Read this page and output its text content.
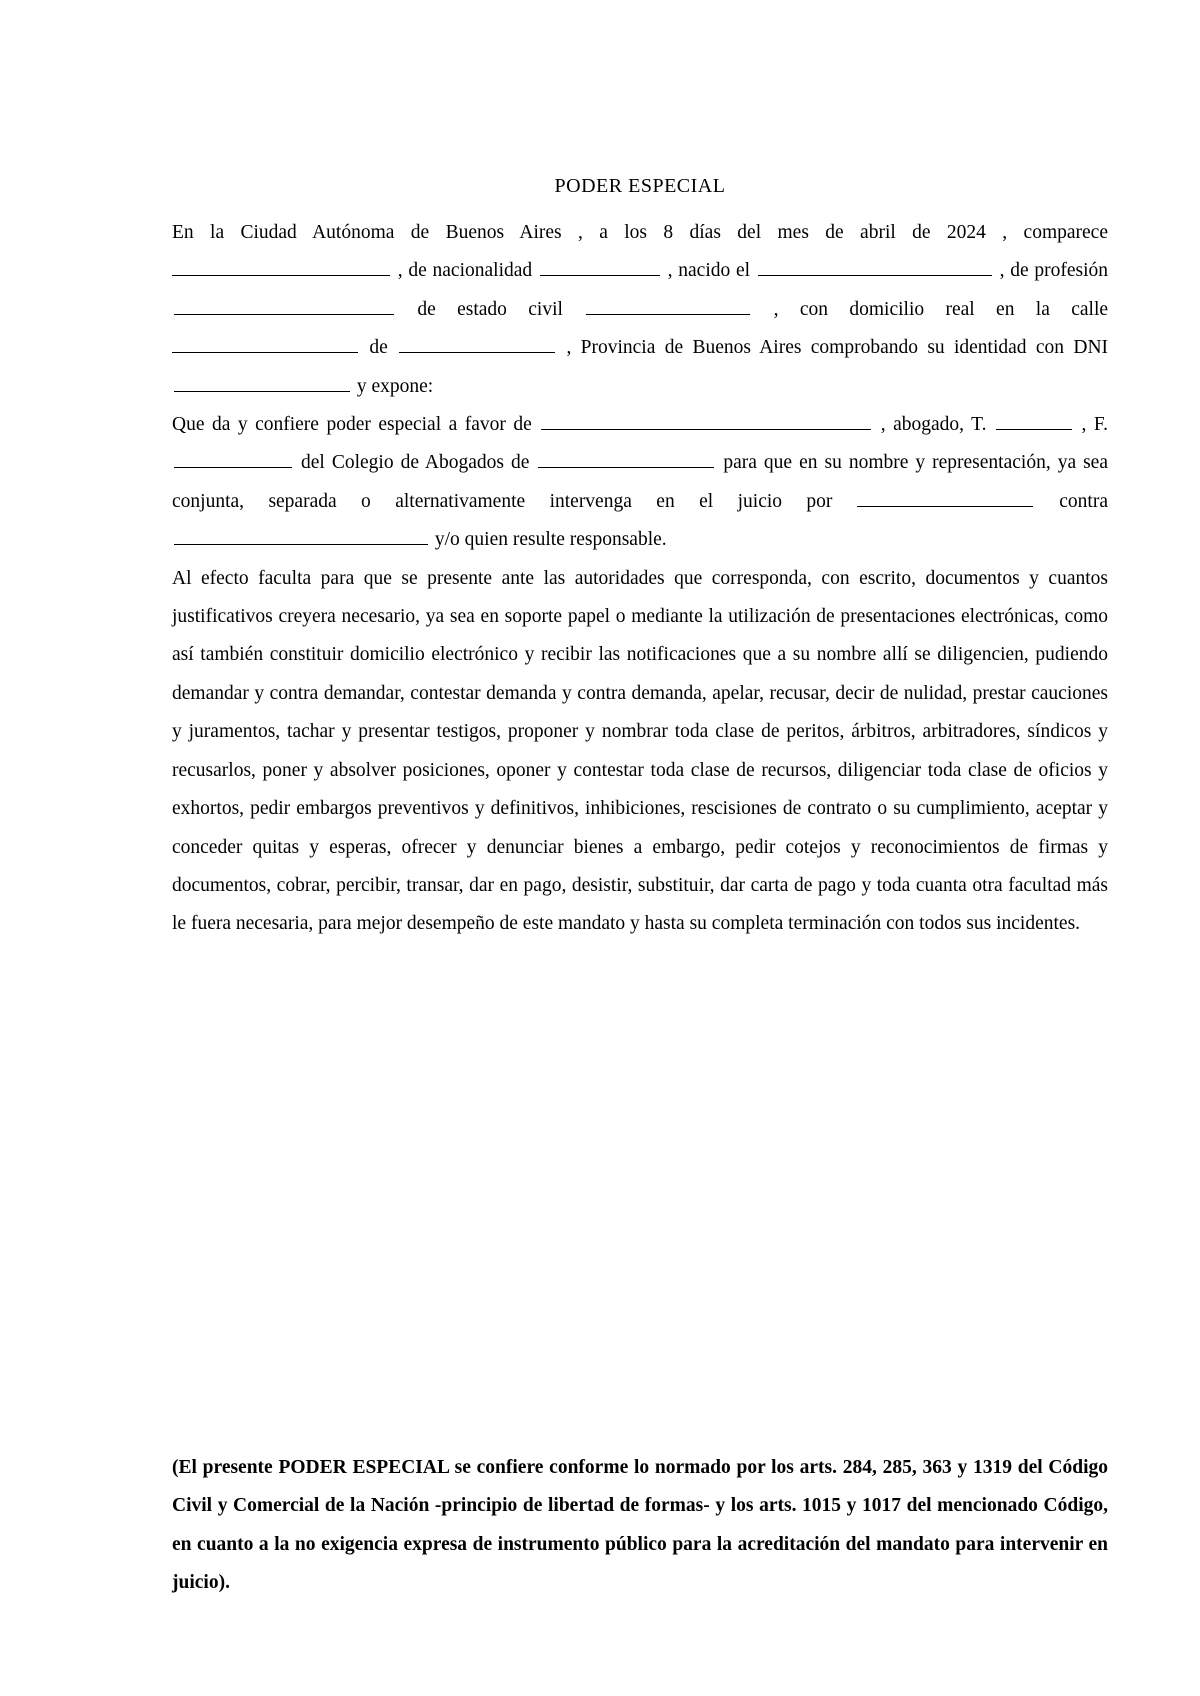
PODER ESPECIAL

En la Ciudad Autónoma de Buenos Aires , a los 8 días del mes de abril de 2024 , comparece  , de nacionalidad	, nacido el	, de profesión  de estado civil	, con domicilio real en la calle  de	, Provincia de Buenos Aires comprobando su identidad con DNI  y expone:

Que da y confiere poder especial a favor de	, abogado, T.	, F.  del Colegio de Abogados de	para que en su nombre y representación, ya sea conjunta, separada o alternativamente intervenga en el juicio por	contra  y/o quien resulte responsable.

Al efecto faculta para que se presente ante las autoridades que corresponda, con escrito, documentos y cuantos justificativos creyera necesario, ya sea en soporte papel o mediante la utilización de presentaciones electrónicas, como así también constituir domicilio electrónico y recibir las notificaciones que a su nombre allí se diligencien, pudiendo demandar y contra demandar, contestar demanda y contra demanda, apelar, recusar, decir de nulidad, prestar cauciones y juramentos, tachar y presentar testigos, proponer y nombrar toda clase de peritos, árbitros, arbitradores, síndicos y recusarlos, poner y absolver posiciones, oponer y contestar toda clase de recursos, diligenciar toda clase de oficios y exhortos, pedir embargos preventivos y definitivos, inhibiciones, rescisiones de contrato o su cumplimiento, aceptar y conceder quitas y esperas, ofrecer y denunciar bienes a embargo, pedir cotejos y reconocimientos de firmas y documentos, cobrar, percibir, transar, dar en pago, desistir, substituir, dar carta de pago y toda cuanta otra facultad más le fuera necesaria, para mejor desempeño de este mandato y hasta su completa terminación con todos sus incidentes.

(El presente PODER ESPECIAL se confiere conforme lo normado por los arts. 284, 285, 363 y 1319 del Código Civil y Comercial de la Nación -principio de libertad de formas- y los arts. 1015 y 1017 del mencionado Código, en cuanto a la no exigencia expresa de instrumento público para la acreditación del mandato para intervenir en juicio).
